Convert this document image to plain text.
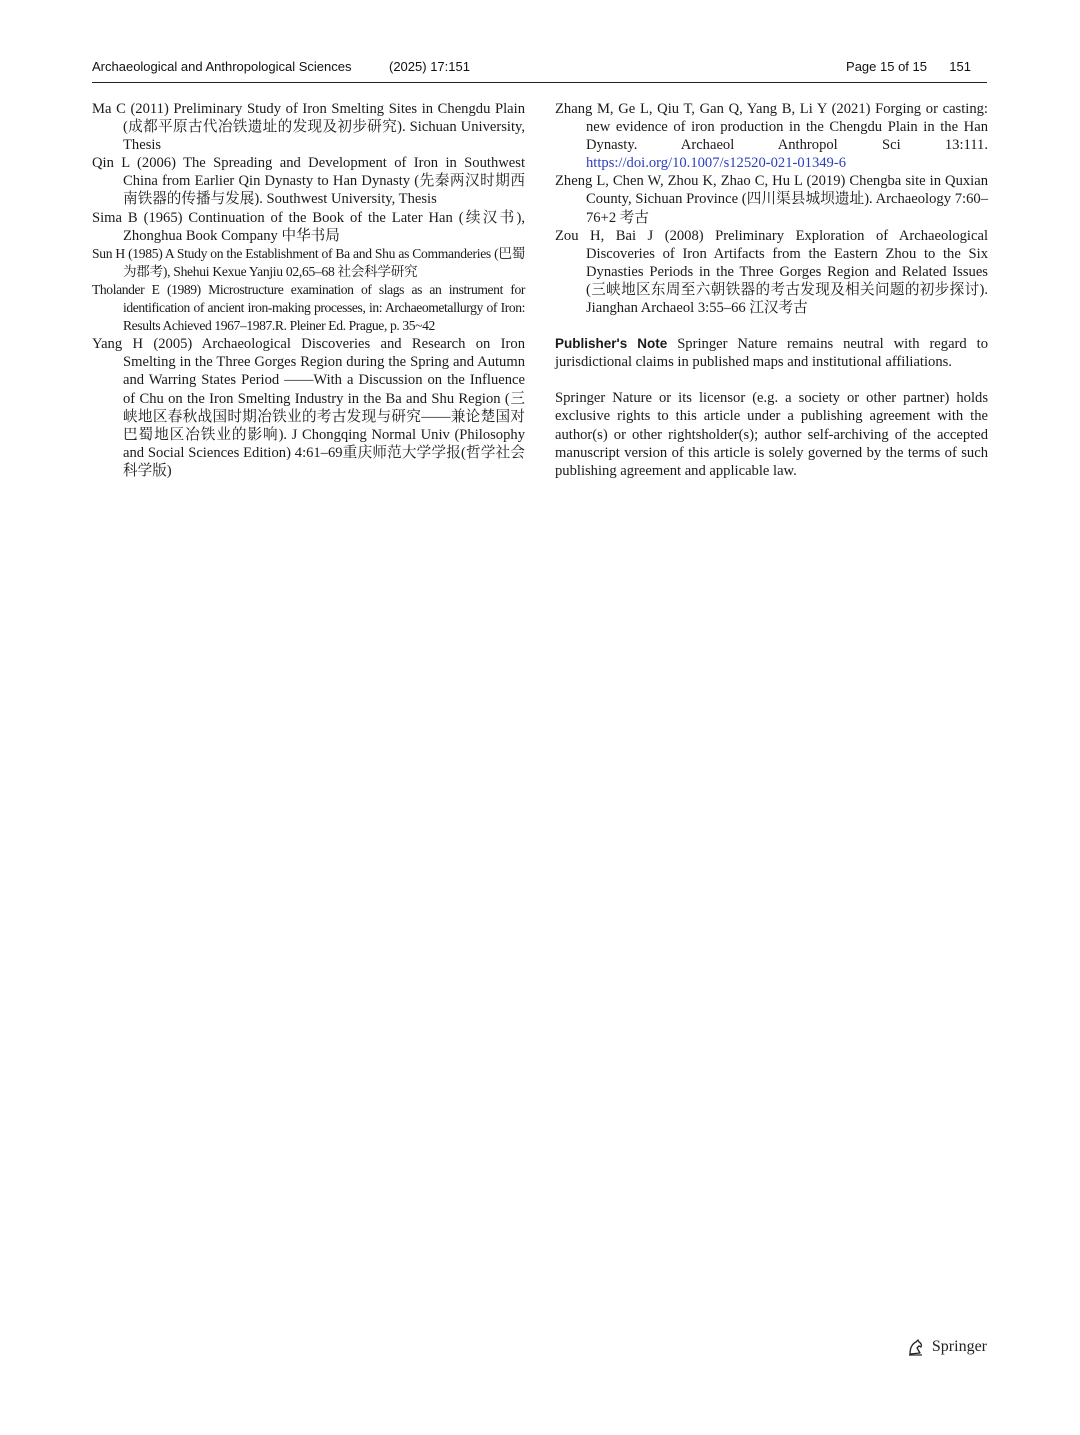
Archaeological and Anthropological Sciences	(2025) 17:151	Page 15 of 15 151

Ma C (2011) Preliminary Study of Iron Smelting Sites in Chengdu Plain (成都平原古代冶铁遗址的发现及初步研究). Sichuan University, Thesis

Qin L (2006) The Spreading and Development of Iron in Southwest China from Earlier Qin Dynasty to Han Dynasty (先秦两汉时期西南铁器的传播与发展). Southwest University, Thesis

Sima B (1965) Continuation of the Book of the Later Han (续汉书), Zhonghua Book Company 中华书局

Sun H (1985) A Study on the Establishment of Ba and Shu as Commanderies (巴蜀为郡考), Shehui Kexue Yanjiu 02,65–68 社会科学研究

Tholander E (1989) Microstructure examination of slags as an instrument for identification of ancient iron-making processes, in: Archaeometallurgy of Iron: Results Achieved 1967–1987.R. Pleiner Ed. Prague, p. 35~42

Yang H (2005) Archaeological Discoveries and Research on Iron Smelting in the Three Gorges Region during the Spring and Autumn and Warring States Period ——With a Discussion on the Influence of Chu on the Iron Smelting Industry in the Ba and Shu Region (三峡地区春秋战国时期冶铁业的考古发现与研究——兼论楚国对巴蜀地区冶铁业的影响). J Chongqing Normal Univ (Philosophy and Social Sciences Edition) 4:61–69重庆师范大学学报(哲学社会科学版)

Zhang M, Ge L, Qiu T, Gan Q, Yang B, Li Y (2021) Forging or casting: new evidence of iron production in the Chengdu Plain in the Han Dynasty. Archaeol Anthropol Sci 13:111. https://doi.org/10.1007/s12520-021-01349-6

Zheng L, Chen W, Zhou K, Zhao C, Hu L (2019) Chengba site in Quxian County, Sichuan Province (四川渠县城坝遗址). Archaeology 7:60–76+2 考古

Zou H, Bai J (2008) Preliminary Exploration of Archaeological Discoveries of Iron Artifacts from the Eastern Zhou to the Six Dynasties Periods in the Three Gorges Region and Related Issues (三峡地区东周至六朝铁器的考古发现及相关问题的初步探讨). Jianghan Archaeol 3:55–66 江汉考古

Publisher's Note Springer Nature remains neutral with regard to jurisdictional claims in published maps and institutional affiliations.

Springer Nature or its licensor (e.g. a society or other partner) holds exclusive rights to this article under a publishing agreement with the author(s) or other rightsholder(s); author self-archiving of the accepted manuscript version of this article is solely governed by the terms of such publishing agreement and applicable law.

Springer
